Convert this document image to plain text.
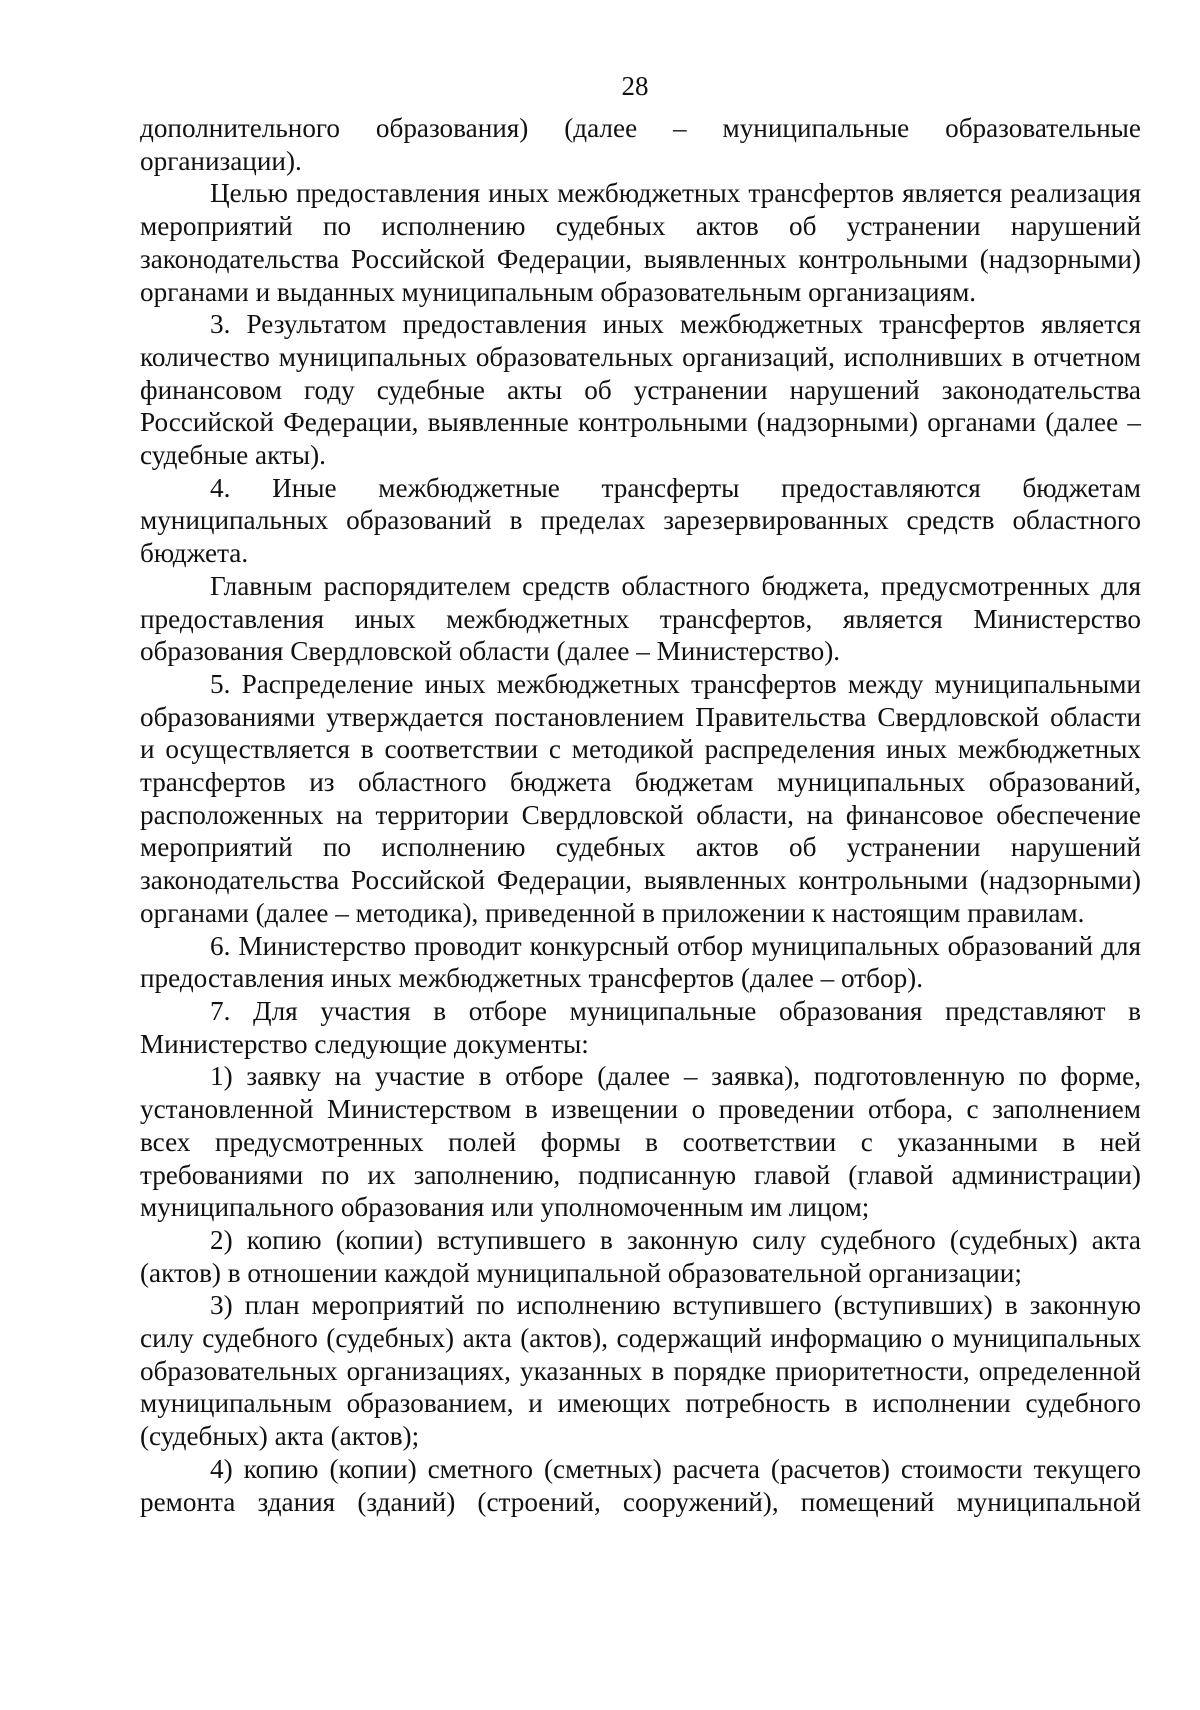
28

дополнительного образования) (далее – муниципальные образовательные организации).

Целью предоставления иных межбюджетных трансфертов является реализация мероприятий по исполнению судебных актов об устранении нарушений законодательства Российской Федерации, выявленных контрольными (надзорными) органами и выданных муниципальным образовательным организациям.

3. Результатом предоставления иных межбюджетных трансфертов является количество муниципальных образовательных организаций, исполнивших в отчетном финансовом году судебные акты об устранении нарушений законодательства Российской Федерации, выявленные контрольными (надзорными) органами (далее – судебные акты).

4. Иные межбюджетные трансферты предоставляются бюджетам муниципальных образований в пределах зарезервированных средств областного бюджета.

Главным распорядителем средств областного бюджета, предусмотренных для предоставления иных межбюджетных трансфертов, является Министерство образования Свердловской области (далее – Министерство).

5. Распределение иных межбюджетных трансфертов между муниципальными образованиями утверждается постановлением Правительства Свердловской области и осуществляется в соответствии с методикой распределения иных межбюджетных трансфертов из областного бюджета бюджетам муниципальных образований, расположенных на территории Свердловской области, на финансовое обеспечение мероприятий по исполнению судебных актов об устранении нарушений законодательства Российской Федерации, выявленных контрольными (надзорными) органами (далее – методика), приведенной в приложении к настоящим правилам.

6. Министерство проводит конкурсный отбор муниципальных образований для предоставления иных межбюджетных трансфертов (далее – отбор).

7. Для участия в отборе муниципальные образования представляют в Министерство следующие документы:

1) заявку на участие в отборе (далее – заявка), подготовленную по форме, установленной Министерством в извещении о проведении отбора, с заполнением всех предусмотренных полей формы в соответствии с указанными в ней требованиями по их заполнению, подписанную главой (главой администрации) муниципального образования или уполномоченным им лицом;

2) копию (копии) вступившего в законную силу судебного (судебных) акта (актов) в отношении каждой муниципальной образовательной организации;

3) план мероприятий по исполнению вступившего (вступивших) в законную силу судебного (судебных) акта (актов), содержащий информацию о муниципальных образовательных организациях, указанных в порядке приоритетности, определенной муниципальным образованием, и имеющих потребность в исполнении судебного (судебных) акта (актов);

4) копию (копии) сметного (сметных) расчета (расчетов) стоимости текущего ремонта здания (зданий) (строений, сооружений), помещений муниципальной
